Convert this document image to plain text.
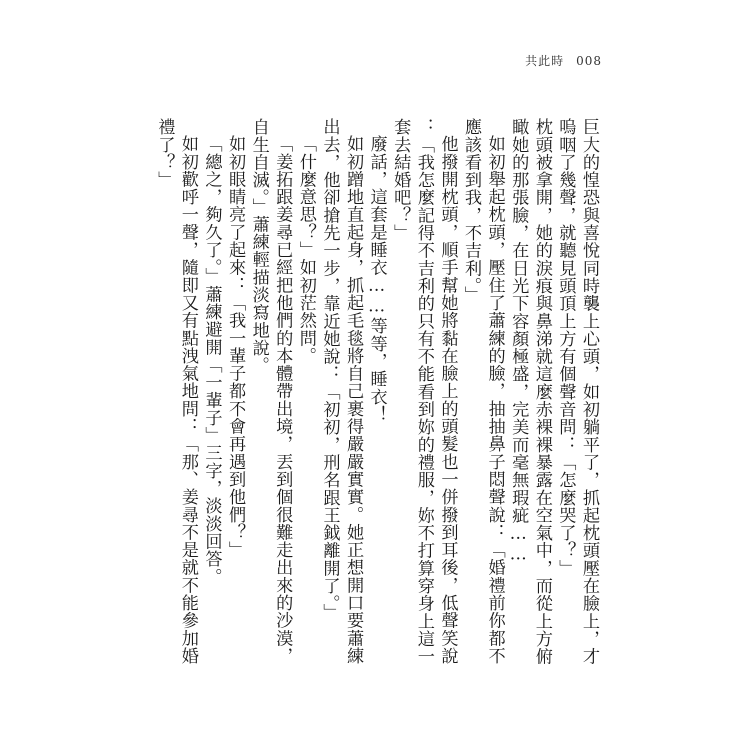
共此時 008

巨大的惶恐與喜悅同時襲上心頭，如初躺平了，抓起枕頭壓在臉上，才嗚咽了幾聲，就聽見頭頂上方有個聲音問：「怎麼哭了？」

枕頭被拿開，她的淚痕與鼻涕就這麼赤裸裸暴露在空氣中，而從上方俯瞰她的那張臉，在日光下容顏極盛，完美而毫無瑕疵……

如初舉起枕頭，壓住了蕭練的臉，抽抽鼻子悶聲說：「婚禮前你都不應該看到我，不吉利。」

他撥開枕頭，順手幫她將黏在臉上的頭髮也一併撥到耳後，低聲笑說：「我怎麼記得不吉利的只有不能看到妳的禮服，妳不打算穿身上這一套去結婚吧？」

廢話，這套是睡衣……等等，睡衣！

如初蹭地直起身，抓起毛毯將自己裹得嚴嚴實實。她正想開口要蕭練出去，他卻搶先一步，靠近她說：「初初，刑名跟王鉞離開了。」

「什麼意思？」如初茫然問。

「姜拓跟姜尋已經把他們的本體帶出境，丟到個很難走出來的沙漠，自生自滅。」蕭練輕描淡寫地說。

如初眼睛亮了起來：「我一輩子都不會再遇到他們？」

「總之，夠久了。」蕭練避開「一輩子」三字，淡淡回答。

如初歡呼一聲，隨即又有點洩氣地問：「那、姜尋不是就不能參加婚禮了？」
